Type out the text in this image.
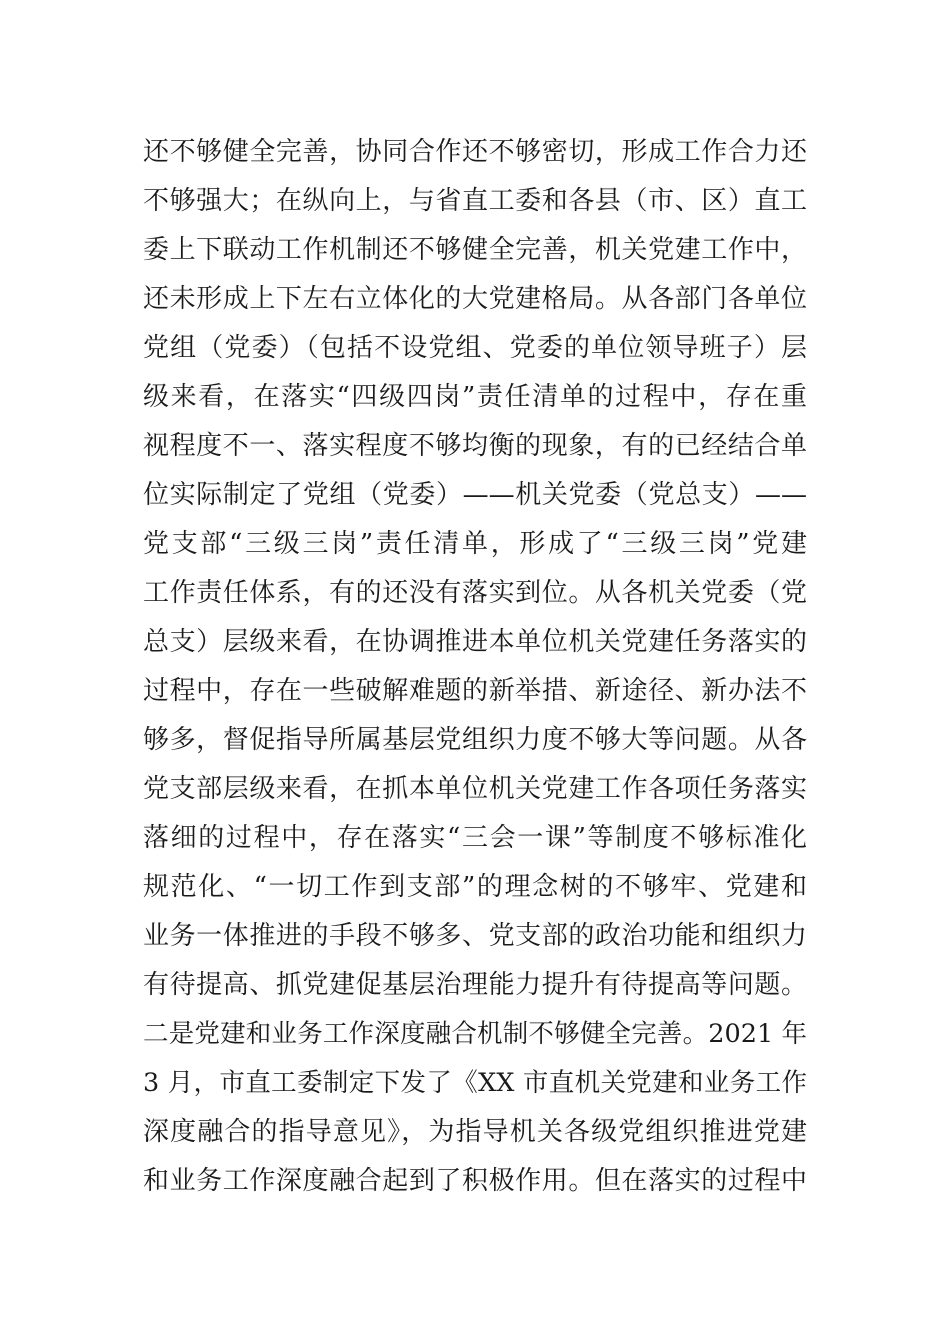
还不够健全完善，协同合作还不够密切，形成工作合力还
不够强大；在纵向上，与省直工委和各县（市、区）直工
委上下联动工作机制还不够健全完善，机关党建工作中，
还未形成上下左右立体化的大党建格局。从各部门各单位
党组（党委）（包括不设党组、党委的单位领导班子）层
级来看，在落实“四级四岗”责任清单的过程中，存在重
视程度不一、落实程度不够均衡的现象，有的已经结合单
位实际制定了党组（党委）——机关党委（党总支）——
党支部“三级三岗”责任清单，形成了“三级三岗”党建
工作责任体系，有的还没有落实到位。从各机关党委（党
总支）层级来看，在协调推进本单位机关党建任务落实的
过程中，存在一些破解难题的新举措、新途径、新办法不
够多，督促指导所属基层党组织力度不够大等问题。从各
党支部层级来看，在抓本单位机关党建工作各项任务落实
落细的过程中，存在落实“三会一课”等制度不够标准化
规范化、“一切工作到支部”的理念树的不够牢、党建和
业务一体推进的手段不够多、党支部的政治功能和组织力
有待提高、抓党建促基层治理能力提升有待提高等问题。
二是党建和业务工作深度融合机制不够健全完善。2021 年
3 月，市直工委制定下发了《XX 市直机关党建和业务工作
深度融合的指导意见》，为指导机关各级党组织推进党建
和业务工作深度融合起到了积极作用。但在落实的过程中
